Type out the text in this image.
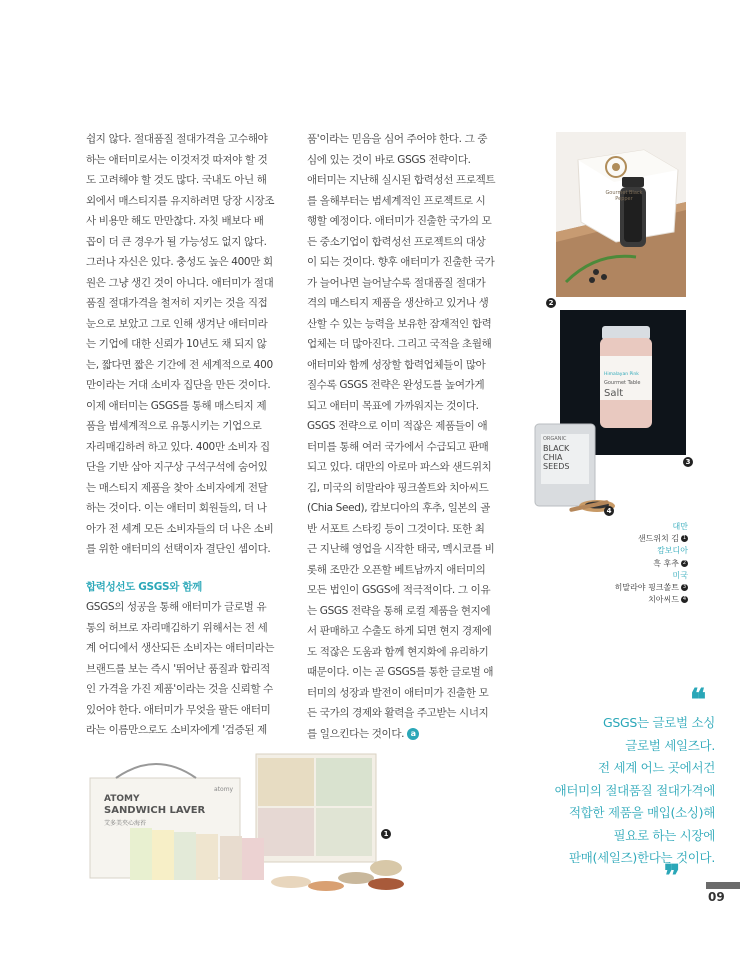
쉽지 않다. 절대품질 절대가격을 고수해야

하는 애터미로서는 이것저것 따져야 할 것

도 고려해야 할 것도 많다. 국내도 아닌 해

외에서 매스티지를 유지하려면 당장 시장조

사 비용만 해도 만만찮다. 자칫 배보다 배

꼽이 더 큰 경우가 될 가능성도 없지 않다.

그러나 자신은 있다. 충성도 높은 400만 회

원은 그냥 생긴 것이 아니다. 애터미가 절대

품질 절대가격을 철저히 지키는 것을 직접

눈으로 보았고 그로 인해 생겨난 애터미라

는 기업에 대한 신뢰가 10년도 채 되지 않

는, 짧다면 짧은 기간에 전 세계적으로 400

만이라는 거대 소비자 집단을 만든 것이다.

이제 애터미는 GSGS를 통해 매스티지 제

품을 범세계적으로 유통시키는 기업으로

자리매김하려 하고 있다. 400만 소비자 집

단을 기반 삼아 지구상 구석구석에 숨어있

는 매스티지 제품을 찾아 소비자에게 전달

하는 것이다. 이는 애터미 회원들의, 더 나

아가 전 세계 모든 소비자들의 더 나은 소비

를 위한 애터미의 선택이자 결단인 셈이다.

합력성선도 GSGS와 함께

GSGS의 성공을 통해 애터미가 글로벌 유

통의 허브로 자리매김하기 위해서는 전 세

계 어디에서 생산되든 소비자는 애터미라는

브랜드를 보는 즉시 '뛰어난 품질과 합리적

인 가격을 가진 제품'이라는 것을 신뢰할 수

있어야 한다. 애터미가 무엇을 팔든 애터미

라는 이름만으로도 소비자에게 '검증된 제

품'이라는 믿음을 심어 주어야 한다. 그 중

심에 있는 것이 바로 GSGS 전략이다.

애터미는 지난해 실시된 합력성선 프로젝트

를 올해부터는 범세계적인 프로젝트로 시

행할 예정이다. 애터미가 진출한 국가의 모

든 중소기업이 합력성선 프로젝트의 대상

이 되는 것이다. 향후 애터미가 진출한 국가

가 늘어나면 늘어날수록 절대품질 절대가

격의 매스티지 제품을 생산하고 있거나 생

산할 수 있는 능력을 보유한 잠재적인 합력

업체는 더 많아진다. 그리고 국적을 초월해

애터미와 함께 성장할 합력업체들이 많아

질수록 GSGS 전략은 완성도를 높여가게

되고 애터미 목표에 가까워지는 것이다.

GSGS 전략으로 이미 적잖은 제품들이 애

터미를 통해 여러 국가에서 수급되고 판매

되고 있다. 대만의 아로마 파스와 샌드위치

김, 미국의 히말라야 핑크쏠트와 치아씨드

(Chia Seed), 캄보디아의 후추, 일본의 골

반 서포트 스타킹 등이 그것이다. 또한 최

근 지난해 영업을 시작한 태국, 멕시코를 비

롯해 조만간 오픈할 베트남까지 애터미의

모든 법인이 GSGS에 적극적이다. 그 이유

는 GSGS 전략을 통해 로컬 제품을 현지에

서 판매하고 수출도 하게 되면 현지 경제에

도 적잖은 도움과 함께 현지화에 유리하기

때문이다. 이는 곧 GSGS를 통한 글로벌 애

터미의 성장과 발전이 애터미가 진출한 모

든 국가의 경제와 활력을 주고받는 시너지

를 일으킨다는 것이다. a

Gourmet Black Pepper
2
Himalayan Pink
Gourmet Table
Salt
3
ORGANIC
BLACK
CHIA
SEEDS
4
대만
샌드위치 김 1
캄보디아
흑 후추 2
미국
히말라야 핑크쏠트 3
치아씨드 4
ATOMY
SANDWICH LAVER
艾多美夹心海苔
atomy
1
❝

GSGS는 글로벌 소싱

글로벌 세일즈다.

전 세계 어느 곳에서건

애터미의 절대품질 절대가격에

적합한 제품을 매입(소싱)해

필요로 하는 시장에

판매(세일즈)한다는 것이다.

❞
09
